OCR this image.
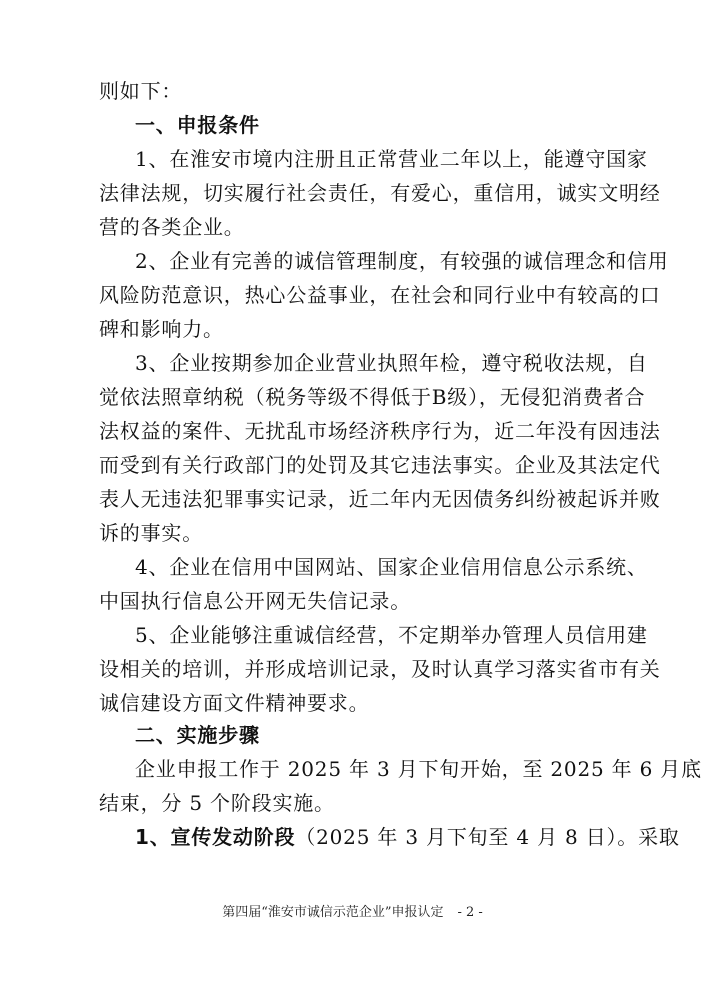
则如下：
一、申报条件
1、在淮安市境内注册且正常营业二年以上，能遵守国家
法律法规，切实履行社会责任，有爱心，重信用，诚实文明经
营的各类企业。
2、企业有完善的诚信管理制度，有较强的诚信理念和信用
风险防范意识，热心公益事业，在社会和同行业中有较高的口
碑和影响力。
3、企业按期参加企业营业执照年检，遵守税收法规，自
觉依法照章纳税（税务等级不得低于B级），无侵犯消费者合
法权益的案件、无扰乱市场经济秩序行为，近二年没有因违法
而受到有关行政部门的处罚及其它违法事实。企业及其法定代
表人无违法犯罪事实记录，近二年内无因债务纠纷被起诉并败
诉的事实。
4、企业在信用中国网站、国家企业信用信息公示系统、
中国执行信息公开网无失信记录。
5、企业能够注重诚信经营，不定期举办管理人员信用建
设相关的培训，并形成培训记录，及时认真学习落实省市有关
诚信建设方面文件精神要求。
二、实施步骤
企业申报工作于 2025 年 3 月下旬开始，至 2025 年 6 月底
结束，分 5 个阶段实施。
1、宣传发动阶段（2025 年 3 月下旬至 4 月 8 日）。采取
第四届“淮安市诚信示范企业”申报认定 - 2 -
